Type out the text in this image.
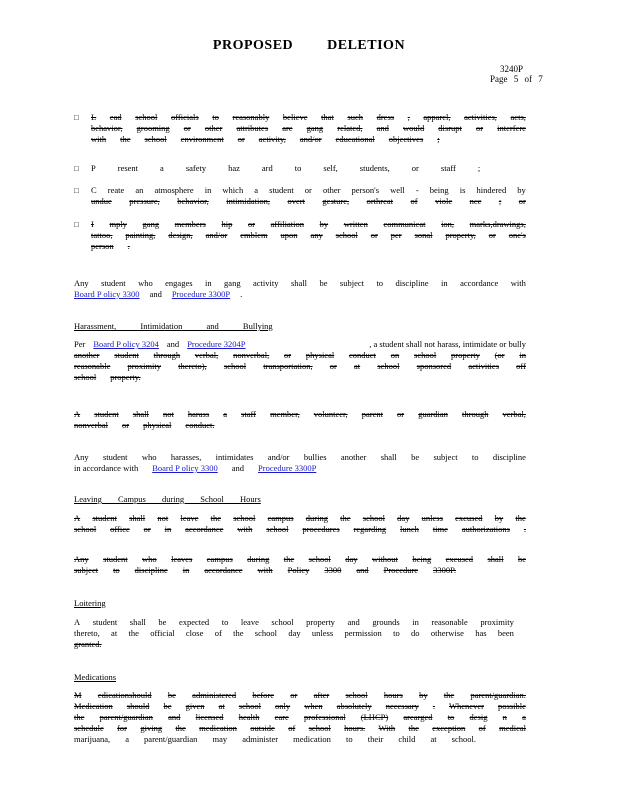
PROPOSED DELETION
3240P
Page 5 of 7
□ L ead school officials to reasonably believe that such dress , apparel, activities, acts,
behavior, grooming or other attributes are gang related, and would disrupt or interfere
with the school environment or activity, and/or educational objectives ;
□ P	resent	a	safety	haz	ard	to	self,	students,	or	staff	;
□ C reate an atmosphere in which a student or other person's well - being is hindered by
undue pressure, behavior, intimidation, overt gesture, orthreat of viole nce ; or
□ I mply gang members hip or affiliation by written communicat ion, marks,drawings,
tattoo, painting, design, and/or emblem upon any school or per sonal property, or one's
person .
Any student who engages in gang activity shall be subject to discipline in accordance with
Board P olicy 3300 and Procedure 3300P .
Harassment, Intimidation and Bullying
Per Board P olicy 3204 and Procedure 3204P	, a student shall not harass, intimidate or bully
another student through verbal, nonverbal, or physical conduct on school property (or in
reasonable proximity thereto), school transportation, or at school sponsored activities off
school property.
A student shall not harass a staff member, volunteer, parent or guardian through verbal,
nonverbal or physical conduct.
Any student who harasses, intimidates and/or bullies another shall be subject to discipline
in accordance with Board P olicy 3300 and Procedure 3300P
Leaving Campus during School Hours
A student shall not leave the school campus during the school day unless excused by the
school office or in accordance with school procedures regarding lunch time authorizations .
Any student who leaves campus during the school day without being excused shall be
subject to discipline in accordance with Policy 3300 and Procedure 3300P.
Loitering
A student shall be expected to leave school property and grounds in reasonable proximity
thereto, at the official close of the school day unless permission to do otherwise has been
granted.
Medications
M edicationshould be administered before or after school hours by the parent/guardian.
Medication should be given at school only when absolutely necessary . Whenever possible
the parent/guardian and licensed health care professional (LHCP) arearged to desig n a
schedule for giving the medication outside of school hours. With the exception of medical
marijuana, a parent/guardian may administer medication to their child at school.
